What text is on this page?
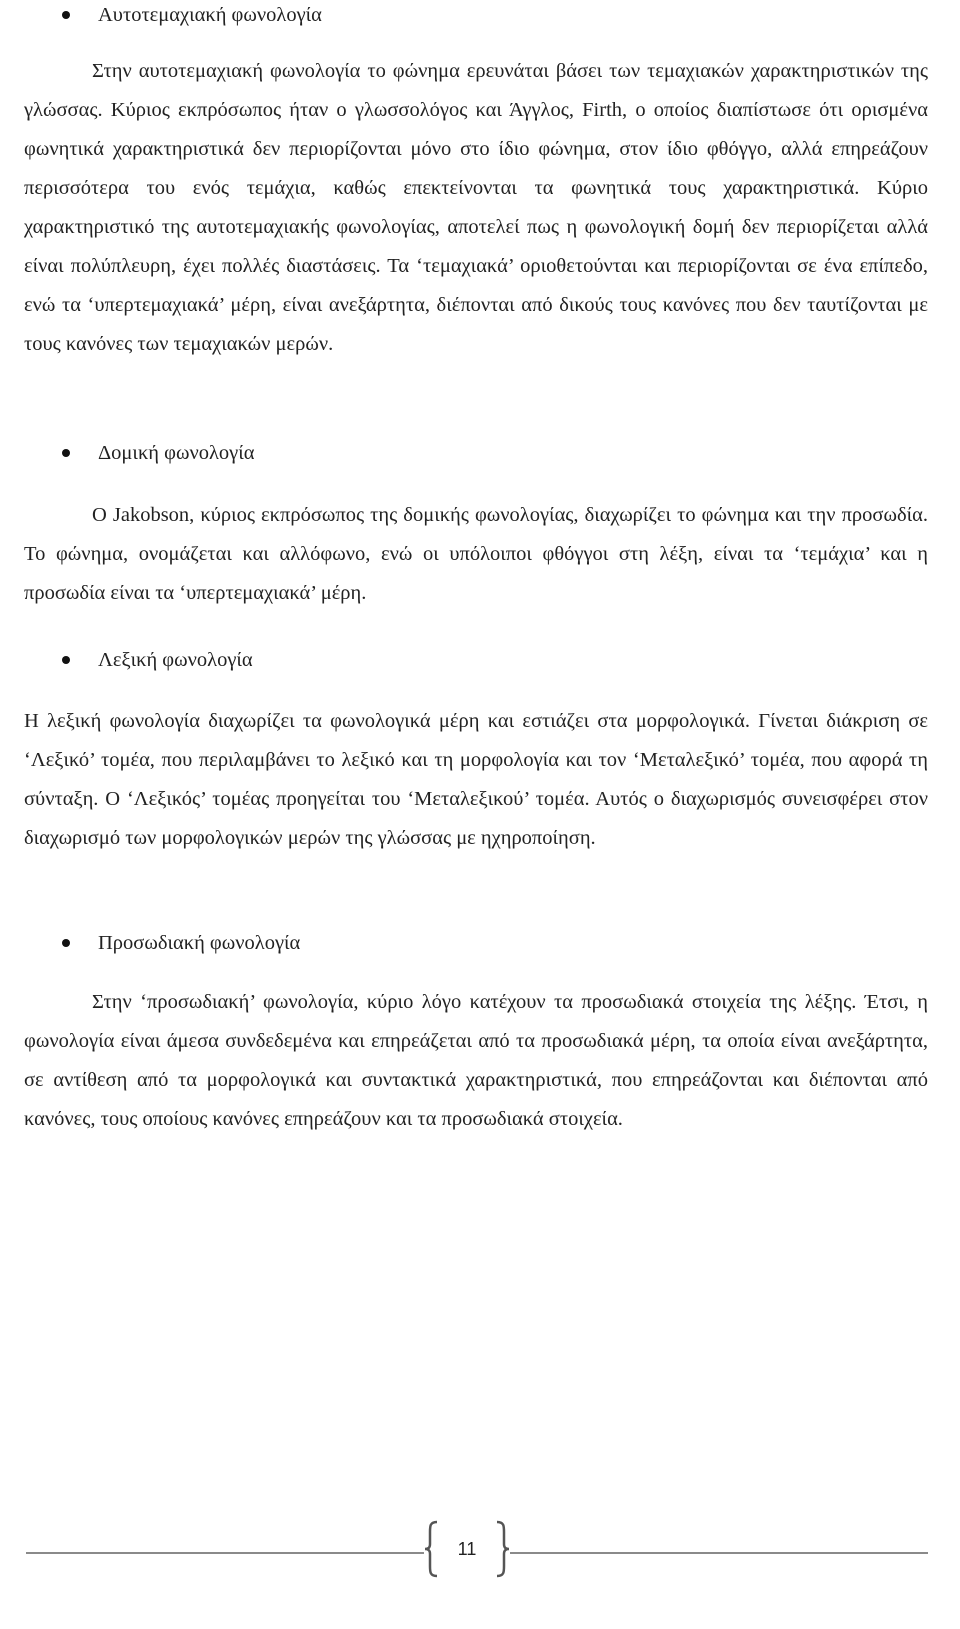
Αυτοτεμαχιακή φωνολογία

Στην αυτοτεμαχιακή φωνολογία το φώνημα ερευνάται βάσει των τεμαχιακών χαρακτηριστικών της γλώσσας. Κύριος εκπρόσωπος ήταν ο γλωσσολόγος και Άγγλος, Firth, ο οποίος διαπίστωσε ότι ορισμένα φωνητικά χαρακτηριστικά δεν περιορίζονται μόνο στο ίδιο φώνημα, στον ίδιο φθόγγο, αλλά επηρεάζουν περισσότερα του ενός τεμάχια, καθώς επεκτείνονται τα φωνητικά τους χαρακτηριστικά. Κύριο χαρακτηριστικό της αυτοτεμαχιακής φωνολογίας, αποτελεί πως η φωνολογική δομή δεν περιορίζεται αλλά είναι πολύπλευρη, έχει πολλές διαστάσεις. Τα ‘τεμαχιακά’ οριοθετούνται και περιορίζονται σε ένα επίπεδο, ενώ τα ‘υπερτεμαχιακά’ μέρη, είναι ανεξάρτητα, διέπονται από δικούς τους κανόνες που δεν ταυτίζονται με τους κανόνες των τεμαχιακών μερών.

Δομική φωνολογία

Ο Jakobson, κύριος εκπρόσωπος της δομικής φωνολογίας, διαχωρίζει το φώνημα και την προσωδία. Το φώνημα, ονομάζεται και αλλόφωνο, ενώ οι υπόλοιποι φθόγγοι στη λέξη, είναι τα ‘τεμάχια’ και η προσωδία είναι τα ‘υπερτεμαχιακά’ μέρη.

Λεξική φωνολογία

Η λεξική φωνολογία διαχωρίζει τα φωνολογικά μέρη και εστιάζει στα μορφολογικά. Γίνεται διάκριση σε ‘Λεξικό’ τομέα, που περιλαμβάνει το λεξικό και τη μορφολογία και τον ‘Μεταλεξικό’ τομέα, που αφορά τη σύνταξη. Ο ‘Λεξικός’ τομέας προηγείται του ‘Μεταλεξικού’ τομέα. Αυτός ο διαχωρισμός συνεισφέρει στον διαχωρισμό των μορφολογικών μερών της γλώσσας με ηχηροποίηση.

Προσωδιακή φωνολογία

Στην ‘προσωδιακή’ φωνολογία, κύριο λόγο κατέχουν τα προσωδιακά στοιχεία της λέξης. Έτσι, η φωνολογία είναι άμεσα συνδεδεμένα και επηρεάζεται από τα προσωδιακά μέρη, τα οποία είναι ανεξάρτητα, σε αντίθεση από τα μορφολογικά και συντακτικά χαρακτηριστικά, που επηρεάζονται και διέπονται από κανόνες, τους οποίους κανόνες επηρεάζουν και τα προσωδιακά στοιχεία.

11
